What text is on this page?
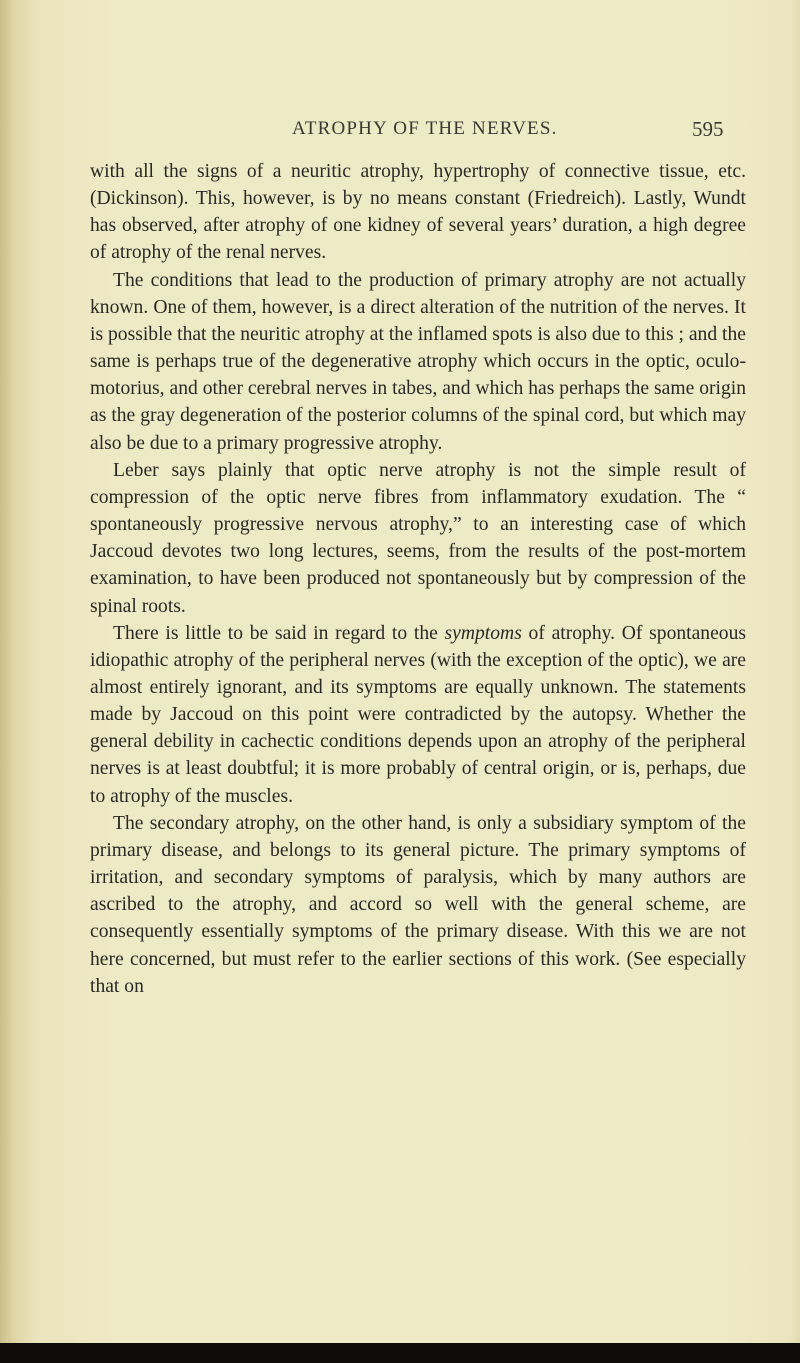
ATROPHY OF THE NERVES.	595

with all the signs of a neuritic atrophy, hypertrophy of connective tissue, etc. (Dickinson). This, however, is by no means constant (Friedreich). Lastly, Wundt has observed, after atrophy of one kidney of several years’ duration, a high degree of atrophy of the renal nerves.

The conditions that lead to the production of primary atrophy are not actually known. One of them, however, is a direct alteration of the nutrition of the nerves. It is possible that the neuritic atrophy at the inflamed spots is also due to this ; and the same is perhaps true of the degenerative atrophy which occurs in the optic, oculo-motorius, and other cerebral nerves in tabes, and which has perhaps the same origin as the gray degeneration of the posterior columns of the spinal cord, but which may also be due to a primary progressive atrophy.

Leber says plainly that optic nerve atrophy is not the simple result of compression of the optic nerve fibres from inflammatory exudation. The “ spontaneously progressive nervous atrophy,” to an interesting case of which Jaccoud devotes two long lectures, seems, from the results of the post-mortem examination, to have been produced not spontaneously but by compression of the spinal roots.

There is little to be said in regard to the symptoms of atrophy. Of spontaneous idiopathic atrophy of the peripheral nerves (with the exception of the optic), we are almost entirely ignorant, and its symptoms are equally unknown. The statements made by Jaccoud on this point were contradicted by the autopsy. Whether the general debility in cachectic conditions depends upon an atrophy of the peripheral nerves is at least doubtful; it is more probably of central origin, or is, perhaps, due to atrophy of the muscles.

The secondary atrophy, on the other hand, is only a subsidiary symptom of the primary disease, and belongs to its general picture. The primary symptoms of irritation, and secondary symptoms of paralysis, which by many authors are ascribed to the atrophy, and accord so well with the general scheme, are consequently essentially symptoms of the primary disease. With this we are not here concerned, but must refer to the earlier sections of this work. (See especially that on
